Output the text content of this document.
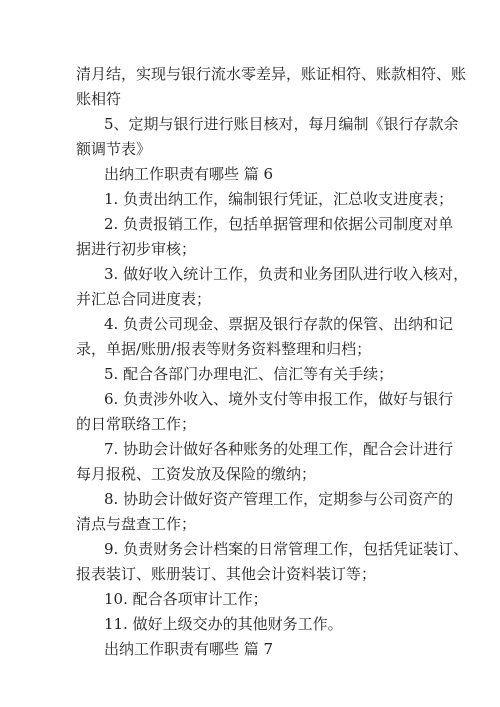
清月结，实现与银行流水零差异，账证相符、账款相符、账
账相符
5、定期与银行进行账目核对，每月编制《银行存款余
额调节表》
出纳工作职责有哪些 篇 6
1. 负责出纳工作，编制银行凭证，汇总收支进度表；
2. 负责报销工作，包括单据管理和依据公司制度对单
据进行初步审核；
3. 做好收入统计工作，负责和业务团队进行收入核对，
并汇总合同进度表；
4. 负责公司现金、票据及银行存款的保管、出纳和记
录，单据/账册/报表等财务资料整理和归档；
5. 配合各部门办理电汇、信汇等有关手续；
6. 负责涉外收入、境外支付等申报工作，做好与银行
的日常联络工作；
7. 协助会计做好各种账务的处理工作，配合会计进行
每月报税、工资发放及保险的缴纳；
8. 协助会计做好资产管理工作，定期参与公司资产的
清点与盘查工作；
9. 负责财务会计档案的日常管理工作，包括凭证装订、
报表装订、账册装订、其他会计资料装订等；
10. 配合各项审计工作；
11. 做好上级交办的其他财务工作。
出纳工作职责有哪些 篇 7
